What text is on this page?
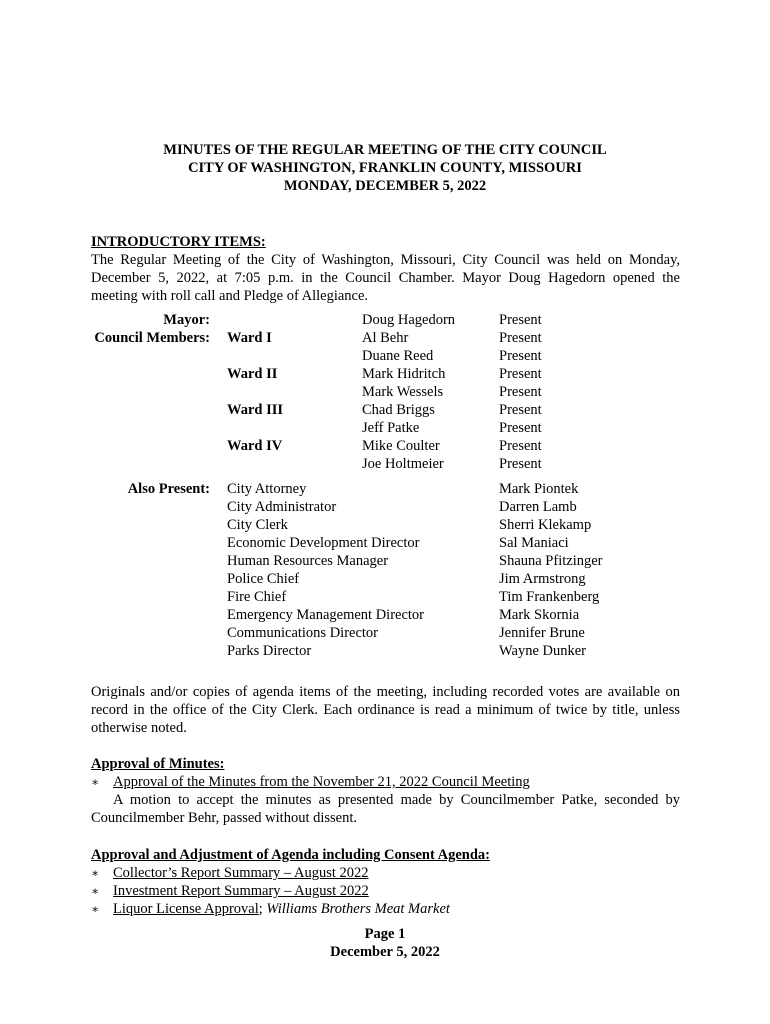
MINUTES OF THE REGULAR MEETING OF THE CITY COUNCIL
CITY OF WASHINGTON, FRANKLIN COUNTY, MISSOURI
MONDAY, DECEMBER 5, 2022
INTRODUCTORY ITEMS:
The Regular Meeting of the City of Washington, Missouri, City Council was held on Monday,
December 5, 2022, at 7:05 p.m. in the Council Chamber. Mayor Doug Hagedorn opened the
meeting with roll call and Pledge of Allegiance.
Mayor:	Doug Hagedorn	Present
Council Members: Ward I	Al Behr	Present
Duane Reed	Present
Ward II	Mark Hidritch	Present
Mark Wessels	Present
Ward III	Chad Briggs	Present
Jeff Patke	Present
Ward IV	Mike Coulter	Present
Joe Holtmeier	Present
Also Present: City Attorney	Mark Piontek
City Administrator	Darren Lamb
City Clerk	Sherri Klekamp
Economic Development Director	Sal Maniaci
Human Resources Manager	Shauna Pfitzinger
Police Chief	Jim Armstrong
Fire Chief	Tim Frankenberg
Emergency Management Director	Mark Skornia
Communications Director	Jennifer Brune
Parks Director	Wayne Dunker
Originals and/or copies of agenda items of the meeting, including recorded votes are available on
record in the office of the City Clerk. Each ordinance is read a minimum of twice by title, unless
otherwise noted.
Approval of Minutes:
∗ Approval of the Minutes from the November 21, 2022 Council Meeting
A motion to accept the minutes as presented made by Councilmember Patke, seconded by
Councilmember Behr, passed without dissent.
Approval and Adjustment of Agenda including Consent Agenda:
∗ Collector’s Report Summary – August 2022
∗ Investment Report Summary – August 2022
∗ Liquor License Approval; Williams Brothers Meat Market
Page 1
December 5, 2022
